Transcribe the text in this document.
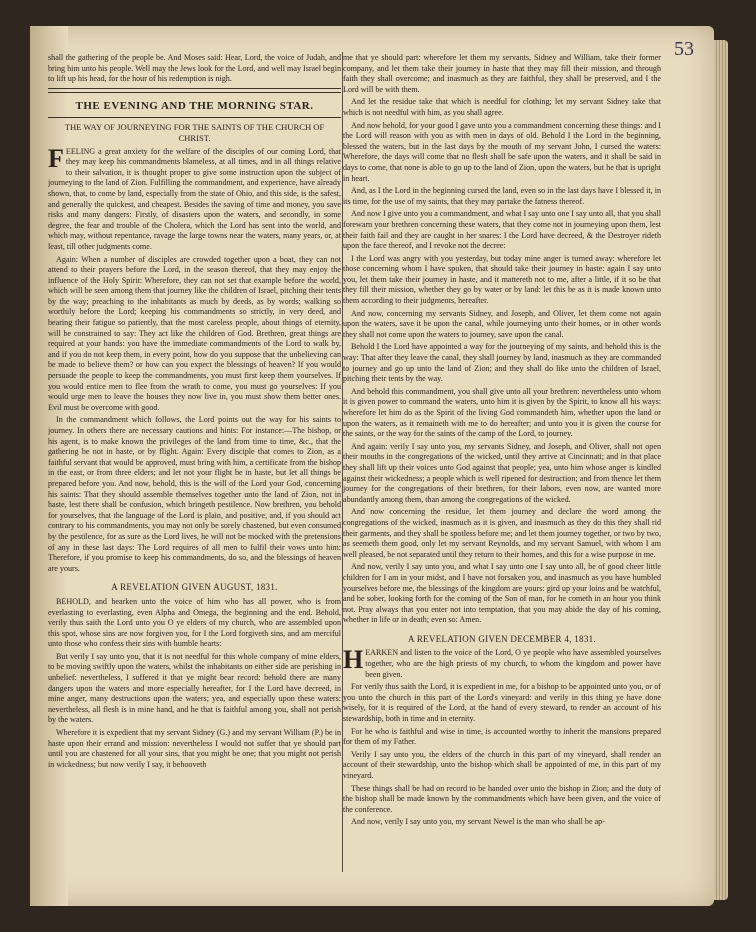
53

shall the gathering of the people be. And Moses said: Hear, Lord, the voice of Judah, and bring him unto his people. Well may the Jews look for the Lord, and well may Israel begin to lift up his head, for the hour of his redemption is nigh.

THE EVENING AND THE MORNING STAR.
THE WAY OF JOURNEYING FOR THE SAINTS OF THE CHURCH OF CHRIST.

FEELING a great anxiety for the welfare of the disciples of our coming Lord, that they may keep his commandments blameless, at all times, and in all things relative to their salvation, it is thought proper to give some instruction upon the subject of journeying to the land of Zion. Fulfilling the commandment, and experience, have already shown, that, to come by land, especially from the state of Ohio, and this side, is the safest, and generally the quickest, and cheapest. Besides the saving of time and money, you save risks and many dangers: Firstly, of disasters upon the waters, and secondly, in some degree, the fear and trouble of the Cholera, which the Lord has sent into the world, and which may, without repentance, ravage the large towns near the waters, many years, or, at least, till other judgments come.

Again: When a number of disciples are crowded together upon a boat, they can not attend to their prayers before the Lord, in the season thereof, that they may enjoy the influence of the Holy Spirit: Wherefore, they can not set that example before the world, which will be seen among them that journey like the children of Israel, pitching their tents by the way; preaching to the inhabitants as much by deeds, as by words; walking so worthily before the Lord; keeping his commandments so strictly, in very deed, and bearing their fatigue so patiently, that the most careless people, about things of eternity, will be constrained to say: They act like the children of God. Brethren, great things are required at your hands: you have the immediate commandments of the Lord to walk by, and if you do not keep them, in every point, how do you suppose that the unbelieving can be made to believe them? or how can you expect the blessings of heaven? If you would persuade the people to keep the commandments, you must first keep them yourselves. If you would entice men to flee from the wrath to come, you must go yourselves: If you would urge men to leave the houses they now live in, you must show them better ones. Evil must be overcome with good.

In the commandment which follows, the Lord points out the way for his saints to journey. In others there are necessary cautions and hints: For instance:—The bishop, or his agent, is to make known the privileges of the land from time to time, &c., that the gathering be not in haste, or by flight. Again: Every disciple that comes to Zion, as a faithful servant that would be approved, must bring with him, a certificate from the bishop in the east, or from three elders; and let not your flight be in haste, but let all things be prepared before you. And now, behold, this is the will of the Lord your God, concerning his saints: That they should assemble themselves together unto the land of Zion, not in haste, lest there shall be confusion, which bringeth pestilence. Now brethren, you behold for yourselves, that the language of the Lord is plain, and positive, and, if you should act contrary to his commandments, you may not only be sorely chastened, but even consumed by the pestilence, for as sure as the Lord lives, he will not be mocked with the pretensions of any in these last days: The Lord requires of all men to fulfil their vows unto him: Therefore, if you promise to keep his commandments, do so, and the blessings of heaven are yours.

A REVELATION GIVEN AUGUST, 1831.

BEHOLD, and hearken unto the voice of him who has all power, who is from everlasting to everlasting, even Alpha and Omega, the beginning and the end. Behold, verily thus saith the Lord unto you O ye elders of my church, who are assembled upon this spot, whose sins are now forgiven you, for I the Lord forgiveth sins, and am merciful unto those who confess their sins with humble hearts:

But verily I say unto you, that it is not needful for this whole company of mine elders, to be moving swiftly upon the waters, whilst the inhabitants on either side are perishing in unbelief: nevertheless, I suffered it that ye might bear record: behold there are many dangers upon the waters and more especially hereafter, for I the Lord have decreed, in mine anger, many destructions upon the waters; yea, and especially upon these waters: nevertheless, all flesh is in mine hand, and he that is faithful among you, shall not perish by the waters.

Wherefore it is expedient that my servant Sidney (G.) and my servant William (P.) be in haste upon their errand and mission: nevertheless I would not suffer that ye should part until you are chastened for all your sins, that you might be one; that you might not perish in wickedness; but now verily I say, it behooveth

me that ye should part: wherefore let them my servants, Sidney and William, take their former company, and let them take their journey in haste that they may fill their mission, and through faith they shall overcome; and inasmuch as they are faithful, they shall be preserved, and I the Lord will be with them.

And let the residue take that which is needful for clothing; let my servant Sidney take that which is not needful with him, as you shall agree.

And now behold, for your good I gave unto you a commandment concerning these things: and I the Lord will reason with you as with men in days of old. Behold I the Lord in the beginning, blessed the waters, but in the last days by the mouth of my servant John, I cursed the waters: Wherefore, the days will come that no flesh shall be safe upon the waters, and it shall be said in days to come, that none is able to go up to the land of Zion, upon the waters, but he that is upright in heart.

And, as I the Lord in the beginning cursed the land, even so in the last days have I blessed it, in its time, for the use of my saints, that they may partake the fatness thereof.

And now I give unto you a commandment, and what I say unto one I say unto all, that you shall forewarn your brethren concerning these waters, that they come not in journeying upon them, lest their faith fail and they are caught in her snares: I the Lord have decreed, & the Destroyer rideth upon the face thereof, and I revoke not the decree:

I the Lord was angry with you yesterday, but today mine anger is turned away: wherefore let those concerning whom I have spoken, that should take their journey in haste: again I say unto you, let them take their journey in haste, and it mattereth not to me, after a little, if it so be that they fill their mission, whether they go by water or by land: let this be as it is made known unto them according to their judgments, hereafter.

And now, concerning my servants Sidney, and Joseph, and Oliver, let them come not again upon the waters, save it be upon the canal, while journeying unto their homes, or in other words they shall not come upon the waters to journey, save upon the canal.

Behold I the Lord have appointed a way for the journeying of my saints, and behold this is the way: That after they leave the canal, they shall journey by land, inasmuch as they are commanded to journey and go up unto the land of Zion; and they shall do like unto the children of Israel, pitching their tents by the way.

And behold this commandment, you shall give unto all your brethren: nevertheless unto whom it is given power to command the waters, unto him it is given by the Spirit, to know all his ways: wherefore let him do as the Spirit of the living God commandeth him, whether upon the land or upon the waters, as it remaineth with me to do hereafter; and unto you it is given the course for the saints, or the way for the saints of the camp of the Lord, to journey.

And again: verily I say unto you, my servants Sidney, and Joseph, and Oliver, shall not open their mouths in the congregations of the wicked, until they arrive at Cincinnati; and in that place they shall lift up their voices unto God against that people; yea, unto him whose anger is kindled against their wickedness; a people which is well ripened for destruction; and from thence let them journey for the congregations of their brethren, for their labors, even now, are wanted more abundantly among them, than among the congregations of the wicked.

And now concerning the residue, let them journey and declare the word among the congregations of the wicked, inasmuch as it is given, and inasmuch as they do this they shall rid their garments, and they shall be spotless before me; and let them journey together, or two by two, as seemeth them good, only let my servant Reynolds, and my servant Samuel, with whom I am well pleased, be not separated until they return to their homes, and this for a wise purpose in me.

And now, verily I say unto you, and what I say unto one I say unto all, be of good cheer little children for I am in your midst, and I have not forsaken you, and inasmuch as you have humbled yourselves before me, the blessings of the kingdom are yours: gird up your loins and be watchful, and be sober, looking forth for the coming of the Son of man, for he cometh in an hour you think not. Pray always that you enter not into temptation, that you may abide the day of his coming, whether in life or in death; even so: Amen.

A REVELATION GIVEN DECEMBER 4, 1831.

HEARKEN and listen to the voice of the Lord, O ye people who have assembled yourselves together, who are the high priests of my church, to whom the kingdom and power have been given.

For verily thus saith the Lord, it is expedient in me, for a bishop to be appointed unto you, or of you unto the church in this part of the Lord's vineyard: and verily in this thing ye have done wisely, for it is required of the Lord, at the hand of every steward, to render an account of his stewardship, both in time and in eternity.

For he who is faithful and wise in time, is accounted worthy to inherit the mansions prepared for them of my Father.

Verily I say unto you, the elders of the church in this part of my vineyard, shall render an account of their stewardship, unto the bishop which shall be appointed of me, in this part of my vineyard.

These things shall be had on record to be handed over unto the bishop in Zion; and the duty of the bishop shall be made known by the commandments which have been given, and the voice of the conference.

And now, verily I say unto you, my servant Newel is the man who shall be ap-
